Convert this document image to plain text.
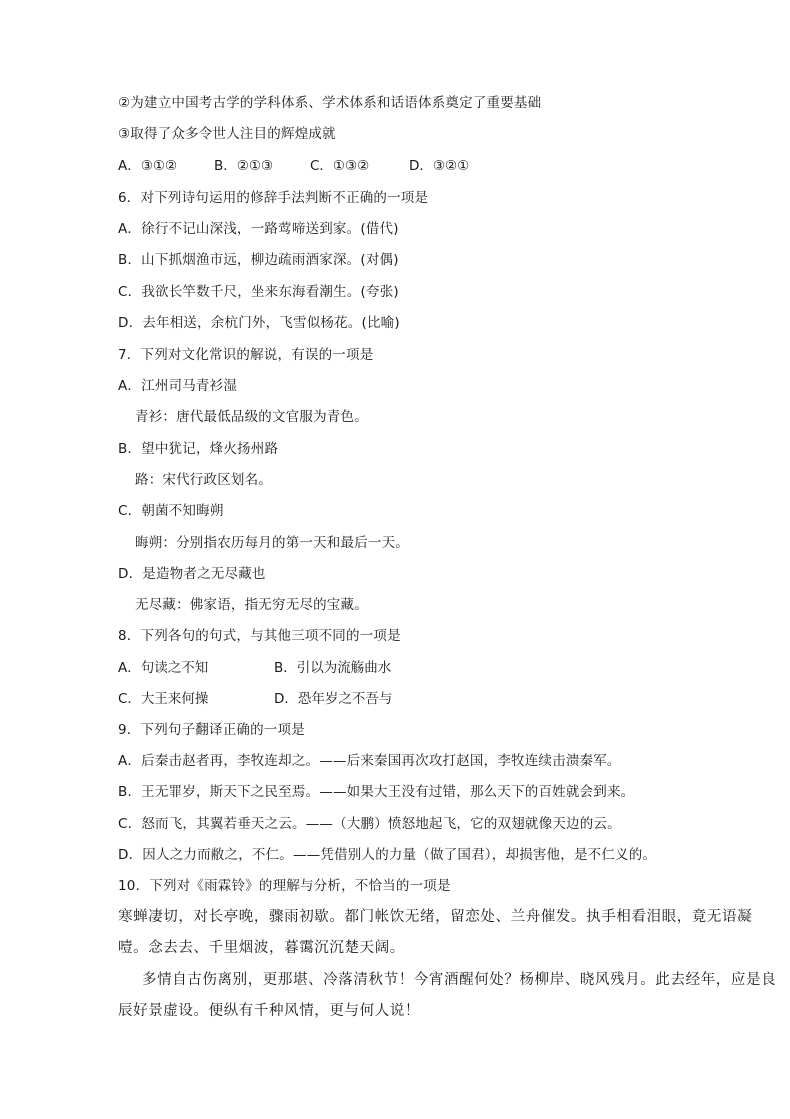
②为建立中国考古学的学科体系、学术体系和话语体系奠定了重要基础
③取得了众多令世人注目的辉煌成就
A．③①②	B．②①③	C．①③②	D．③②①
6．对下列诗句运用的修辞手法判断不正确的一项是
A．徐行不记山深浅，一路莺啼送到家。(借代)
B．山下抓烟渔市远，柳边疏雨酒家深。(对偶)
C．我欲长竿数千尺，坐来东海看潮生。(夸张)
D．去年相送，余杭门外，飞雪似杨花。(比喻)
7．下列对文化常识的解说，有误的一项是
A．江州司马青衫湿
青衫：唐代最低品级的文官服为青色。
B．望中犹记，烽火扬州路
路：宋代行政区划名。
C．朝菌不知晦朔
晦朔：分别指农历每月的第一天和最后一天。
D．是造物者之无尽藏也
无尽藏：佛家语，指无穷无尽的宝藏。
8．下列各句的句式，与其他三项不同的一项是
A．句读之不知	B．引以为流觞曲水
C．大王来何操	D．恐年岁之不吾与
9．下列句子翻译正确的一项是
A．后秦击赵者再，李牧连却之。——后来秦国再次攻打赵国，李牧连续击溃秦军。
B．王无罪岁，斯天下之民至焉。——如果大王没有过错，那么天下的百姓就会到来。
C．怒而飞，其翼若垂天之云。——（大鹏）愤怒地起飞，它的双翅就像天边的云。
D．因人之力而敝之，不仁。——凭借别人的力量（做了国君），却损害他，是不仁义的。
10．下列对《雨霖铃》的理解与分析，不恰当的一项是
寒蝉凄切，对长亭晚，骤雨初歇。都门帐饮无绪，留恋处、兰舟催发。执手相看泪眼，竟无语凝
噎。念去去、千里烟波，暮霭沉沉楚天阔。
多情自古伤离别，更那堪、冷落清秋节！今宵酒醒何处？杨柳岸、晓风残月。此去经年，应是良
辰好景虚设。便纵有千种风情，更与何人说！
